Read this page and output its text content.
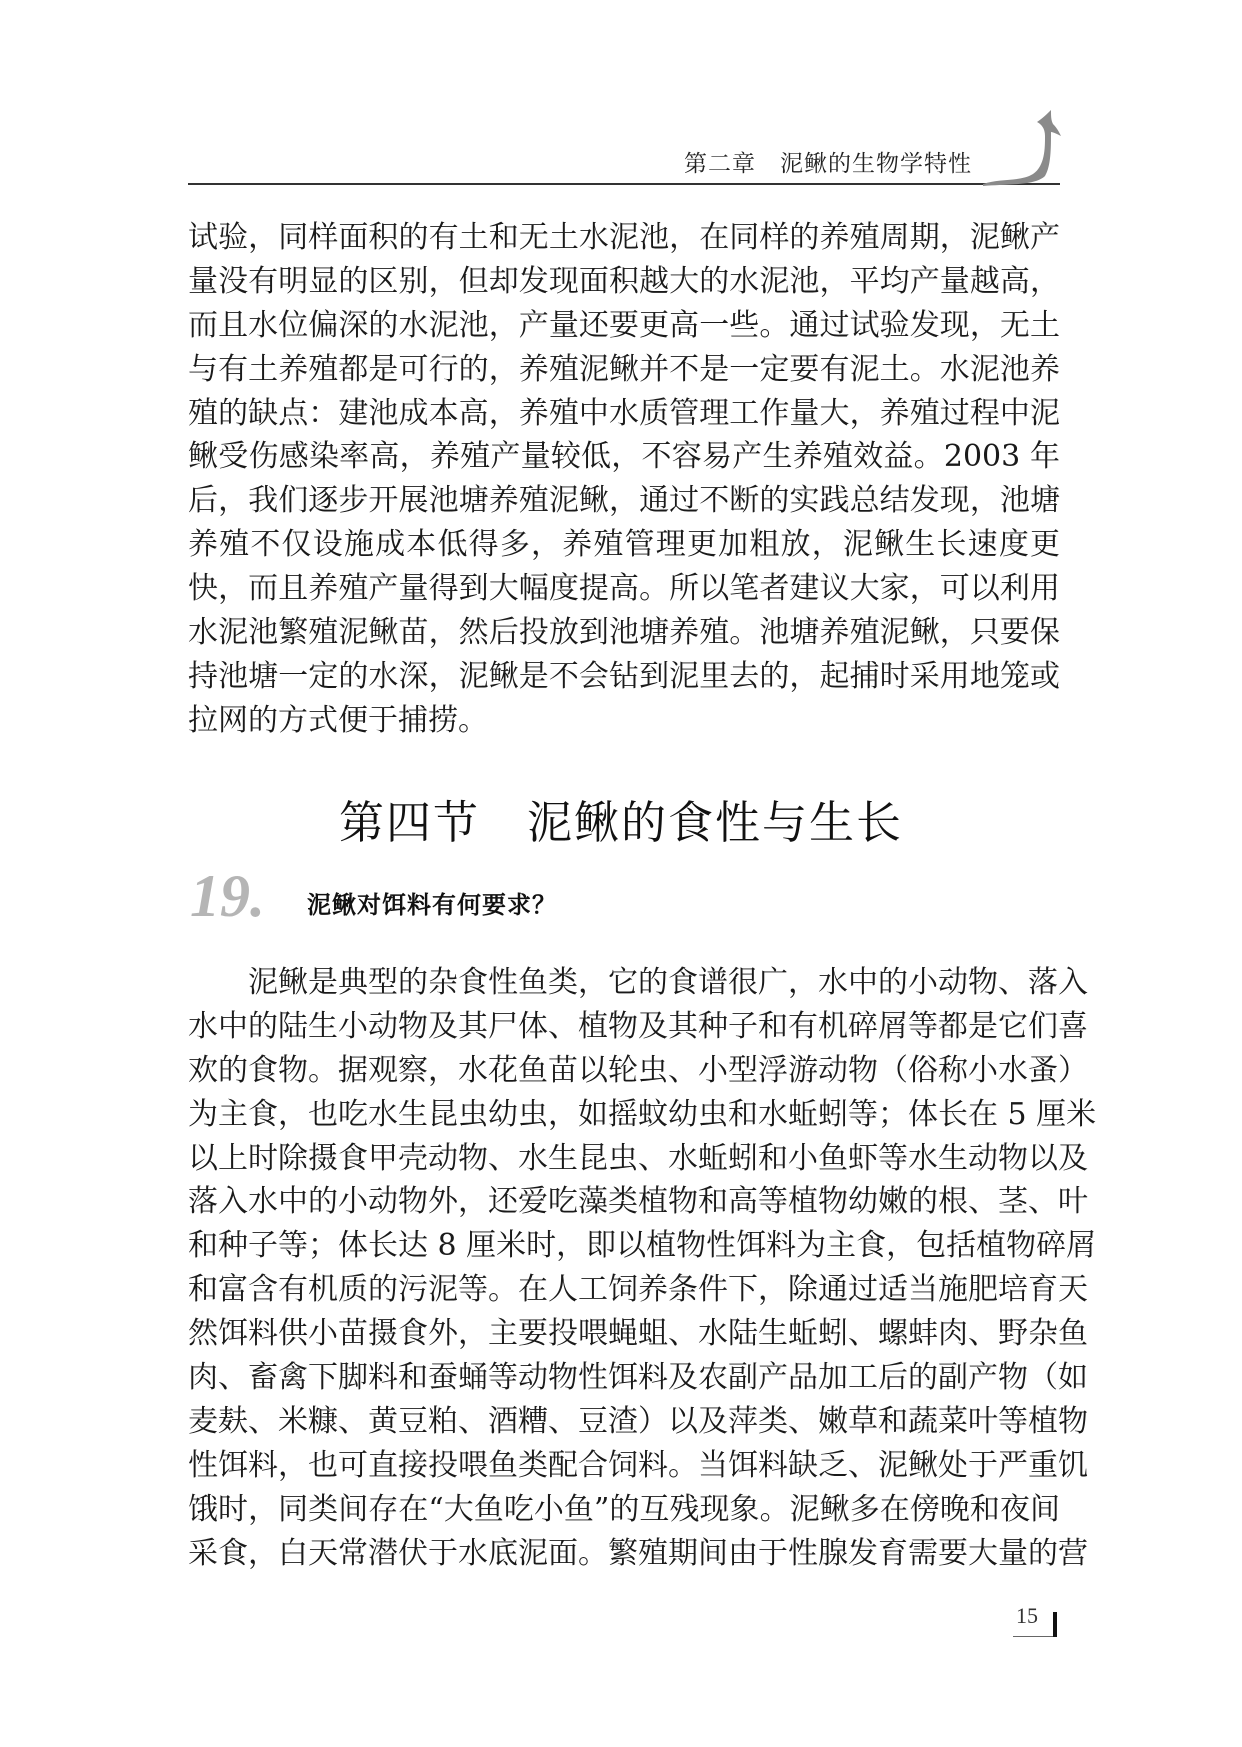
第二章　泥鳅的生物学特性
试验，同样面积的有土和无土水泥池，在同样的养殖周期，泥鳅产
量没有明显的区别，但却发现面积越大的水泥池，平均产量越高，
而且水位偏深的水泥池，产量还要更高一些。通过试验发现，无土
与有土养殖都是可行的，养殖泥鳅并不是一定要有泥土。水泥池养
殖的缺点：建池成本高，养殖中水质管理工作量大，养殖过程中泥
鳅受伤感染率高，养殖产量较低，不容易产生养殖效益。2003 年
后，我们逐步开展池塘养殖泥鳅，通过不断的实践总结发现，池塘
养殖不仅设施成本低得多，养殖管理更加粗放，泥鳅生长速度更
快，而且养殖产量得到大幅度提高。所以笔者建议大家，可以利用
水泥池繁殖泥鳅苗，然后投放到池塘养殖。池塘养殖泥鳅，只要保
持池塘一定的水深，泥鳅是不会钻到泥里去的，起捕时采用地笼或
拉网的方式便于捕捞。
第四节　泥鳅的食性与生长
19. 泥鳅对饵料有何要求？
泥鳅是典型的杂食性鱼类，它的食谱很广，水中的小动物、落入
水中的陆生小动物及其尸体、植物及其种子和有机碎屑等都是它们喜
欢的食物。据观察，水花鱼苗以轮虫、小型浮游动物（俗称小水蚤）
为主食，也吃水生昆虫幼虫，如摇蚊幼虫和水蚯蚓等；体长在 5 厘米
以上时除摄食甲壳动物、水生昆虫、水蚯蚓和小鱼虾等水生动物以及
落入水中的小动物外，还爱吃藻类植物和高等植物幼嫩的根、茎、叶
和种子等；体长达 8 厘米时，即以植物性饵料为主食，包括植物碎屑
和富含有机质的污泥等。在人工饲养条件下，除通过适当施肥培育天
然饵料供小苗摄食外，主要投喂蝇蛆、水陆生蚯蚓、螺蚌肉、野杂鱼
肉、畜禽下脚料和蚕蛹等动物性饵料及农副产品加工后的副产物（如
麦麸、米糠、黄豆粕、酒糟、豆渣）以及萍类、嫩草和蔬菜叶等植物
性饵料，也可直接投喂鱼类配合饲料。当饵料缺乏、泥鳅处于严重饥
饿时，同类间存在“大鱼吃小鱼”的互残现象。泥鳅多在傍晚和夜间
采食，白天常潜伏于水底泥面。繁殖期间由于性腺发育需要大量的营
15
